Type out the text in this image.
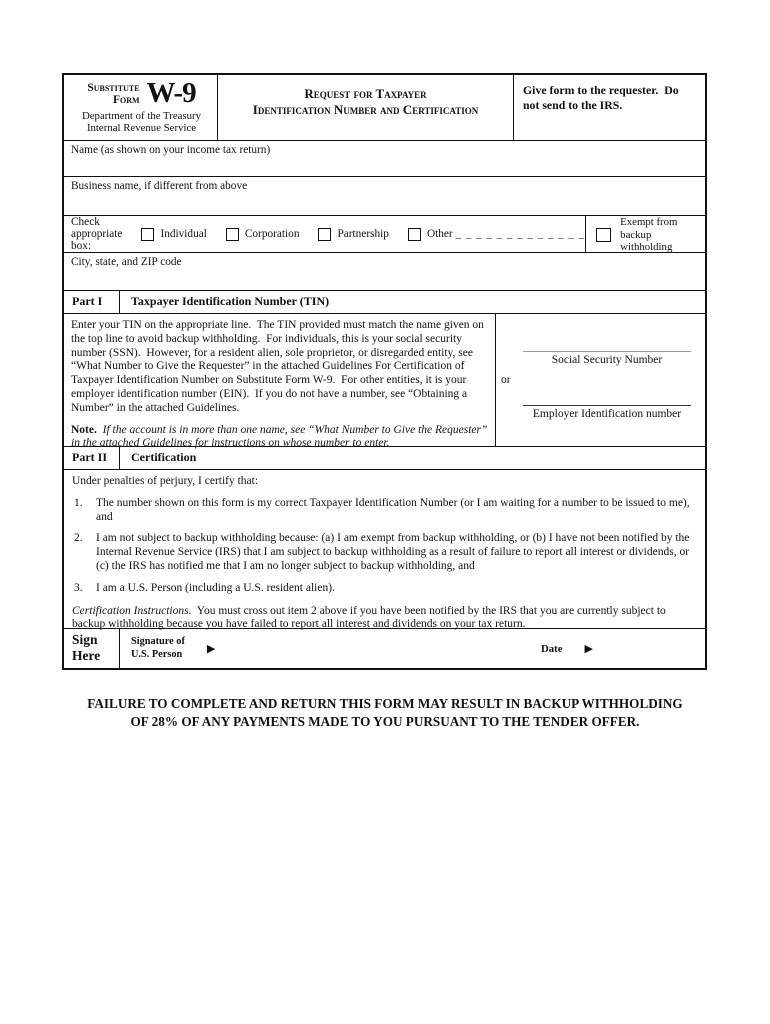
Substitute
Form W-9
Department of the Treasury
Internal Revenue Service
Request for Taxpayer
Identification Number and Certification
Give form to the requester.  Do not send to the IRS.
Name (as shown on your income tax return)
Business name, if different from above
Check appropriate box:
Individual	Corporation	Partnership	Other _ _ _ _ _ _ _ _ _ _ _ _ _
Exempt from backup withholding
City, state, and ZIP code
Part I	Taxpayer Identification Number (TIN)

Enter your TIN on the appropriate line.  The TIN provided must match the name given on the top line to avoid backup withholding.  For individuals, this is your social security number (SSN).  However, for a resident alien, sole proprietor, or disregarded entity, see “What Number to Give the Requester” in the attached Guidelines For Certification of Taxpayer Identification Number on Substitute Form W-9.  For other entities, it is your employer identification number (EIN).  If you do not have a number, see “Obtaining a Number” in the attached Guidelines.

Note.  If the account is in more than one name, see “What Number to Give the Requester” in the attached Guidelines for instructions on whose number to enter.

Social Security Number
or
Employer Identification number
Part II	Certification
Under penalties of perjury, I certify that:
1.	The number shown on this form is my correct Taxpayer Identification Number (or I am waiting for a number to be issued to me), and
2.	I am not subject to backup withholding because: (a) I am exempt from backup withholding, or (b) I have not been notified by the Internal Revenue Service (IRS) that I am subject to backup withholding as a result of failure to report all interest or dividends, or (c) the IRS has notified me that I am no longer subject to backup withholding, and
3.	I am a U.S. Person (including a U.S. resident alien).
Certification Instructions.  You must cross out item 2 above if you have been notified by the IRS that you are currently subject to backup withholding because you have failed to report all interest and dividends on your tax return.
Sign
Here
Signature of
U.S. Person ▶	Date ▶
FAILURE TO COMPLETE AND RETURN THIS FORM MAY RESULT IN BACKUP WITHHOLDING
OF 28% OF ANY PAYMENTS MADE TO YOU PURSUANT TO THE TENDER OFFER.
